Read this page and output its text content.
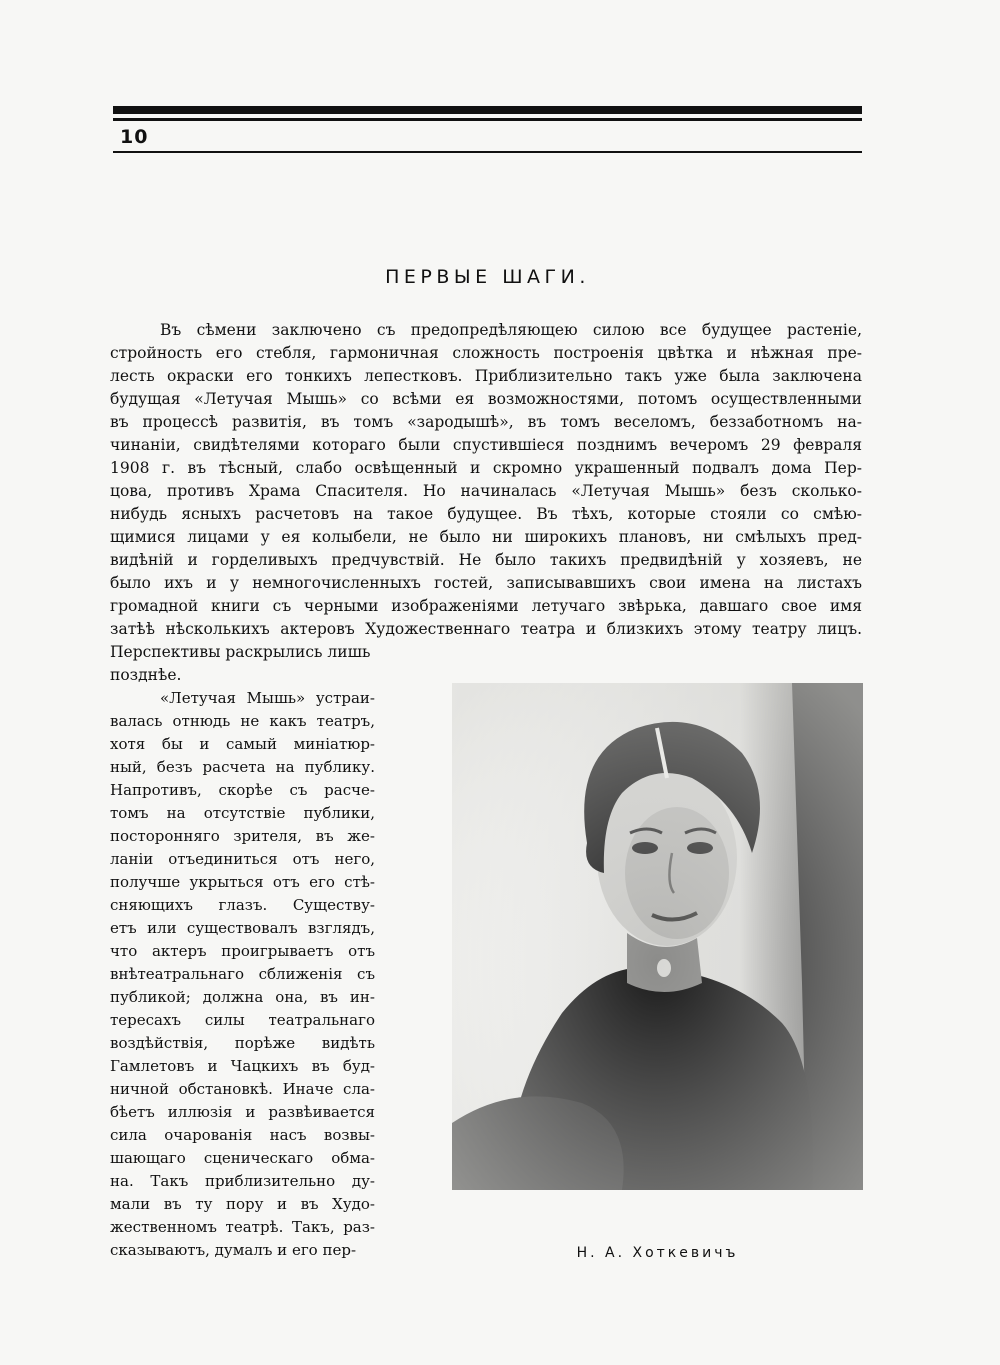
10
ПЕРВЫЕ ШАГИ.
Въ сѣмени заключено съ предопредѣляющею силою все будущее растеніе,
стройность его стебля, гармоничная сложность построенія цвѣтка и нѣжная пре-
лесть окраски его тонкихъ лепестковъ. Приблизительно такъ уже была заключена
будущая «Летучая Мышь» со всѣми ея возможностями, потомъ осуществленными
въ процессѣ развитія, въ томъ «зародышѣ», въ томъ веселомъ, беззаботномъ на-
чинаніи, свидѣтелями котораго были спустившіеся позднимъ вечеромъ 29 февраля
1908 г. въ тѣсный, слабо освѣщенный и скромно украшенный подвалъ дома Пер-
цова, противъ Храма Спасителя. Но начиналась «Летучая Мышь» безъ сколько-
нибудь ясныхъ расчетовъ на такое будущее. Въ тѣхъ, которые стояли со смѣю-
щимися лицами у ея колыбели, не было ни широкихъ плановъ, ни смѣлыхъ пред-
видѣній и горделивыхъ предчувствій. Не было такихъ предвидѣній у хозяевъ, не
было ихъ и у немногочисленныхъ гостей, записывавшихъ свои имена на листахъ
громадной книги съ черными изображеніями летучаго звѣрька, давшаго свое имя
затѣѣ нѣсколькихъ актеровъ Художественнаго театра и близкихъ этому театру лицъ.
Перспективы раскрылись лишь
позднѣе.
«Летучая Мышь» устраи-
валась отнюдь не какъ театръ,
хотя бы и самый миніатюр-
ный, безъ расчета на публику.
Напротивъ, скорѣе съ расче-
томъ на отсутствіе публики,
посторонняго зрителя, въ же-
ланіи отъединиться отъ него,
получше укрыться отъ его стѣ-
сняющихъ глазъ. Существу-
етъ или существовалъ взглядъ,
что актеръ проигрываетъ отъ
внѣтеатральнаго сближенія съ
публикой; должна она, въ ин-
тересахъ силы театральнаго
воздѣйствія, порѣже видѣть
Гамлетовъ и Чацкихъ въ буд-
ничной обстановкѣ. Иначе сла-
бѣетъ иллюзія и развѣивается
сила очарованія насъ возвы-
шающаго сценическаго обма-
на. Такъ приблизительно ду-
мали въ ту пору и въ Худо-
жественномъ театрѣ. Такъ, раз-
сказываютъ, думалъ и его пер-	Н. А. Хоткевичъ
